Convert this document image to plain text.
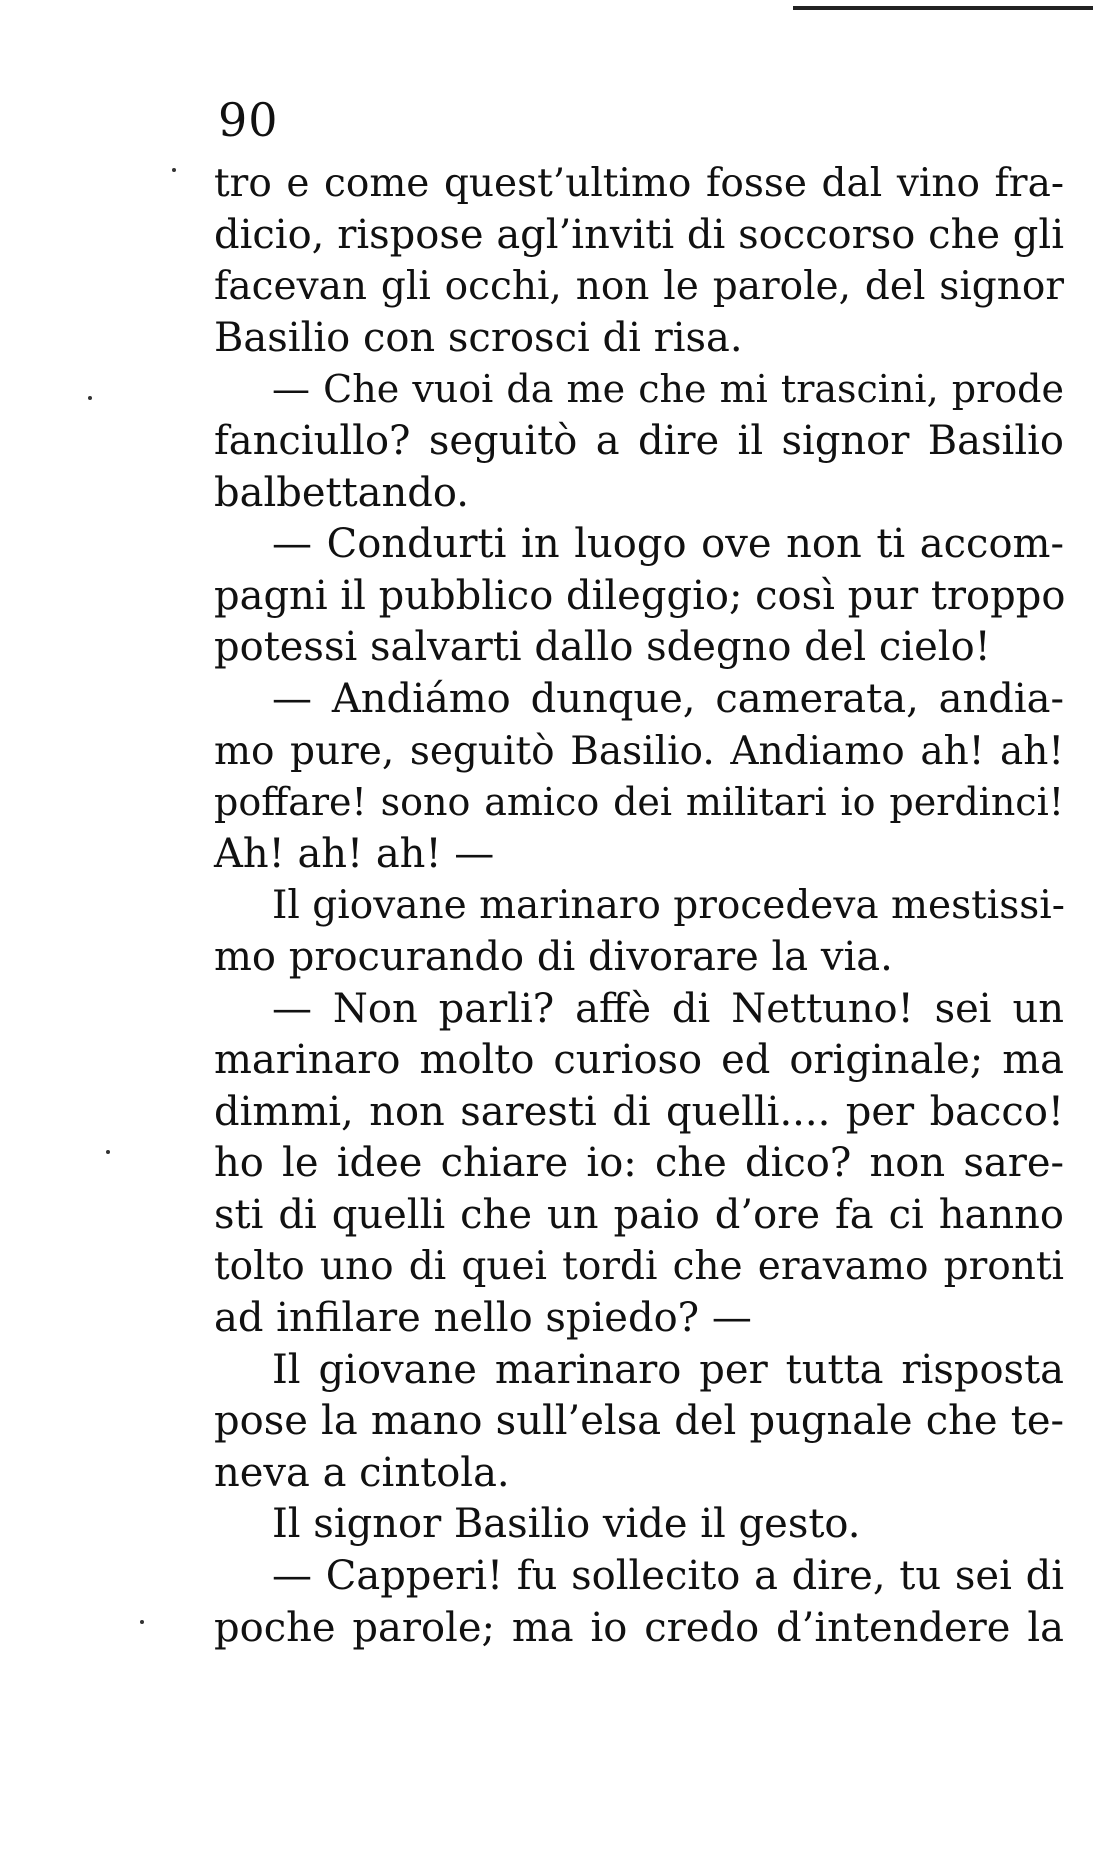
90
tro e come quest’ultimo fosse dal vino fra-
dicio, rispose agl’inviti di soccorso che gli
facevan gli occhi, non le parole, del signor
Basilio con scrosci di risa.
— Che vuoi da me che mi trascini, prode
fanciullo? seguitò a dire il signor Basilio
balbettando.
— Condurti in luogo ove non ti accom-
pagni il pubblico dileggio; così pur troppo
potessi salvarti dallo sdegno del cielo!
— Andiámo dunque, camerata, andia-
mo pure, seguitò Basilio. Andiamo ah! ah!
poffare! sono amico dei militari io perdinci!
Ah! ah! ah! —
Il giovane marinaro procedeva mestissi-
mo procurando di divorare la via.
— Non parli? affè di Nettuno! sei un
marinaro molto curioso ed originale; ma
dimmi, non saresti di quelli.... per bacco!
ho le idee chiare io: che dico? non sare-
sti di quelli che un paio d’ore fa ci hanno
tolto uno di quei tordi che eravamo pronti
ad infilare nello spiedo? —
Il giovane marinaro per tutta risposta
pose la mano sull’elsa del pugnale che te-
neva a cintola.
Il signor Basilio vide il gesto.
— Capperi! fu sollecito a dire, tu sei di
poche parole; ma io credo d’intendere la
